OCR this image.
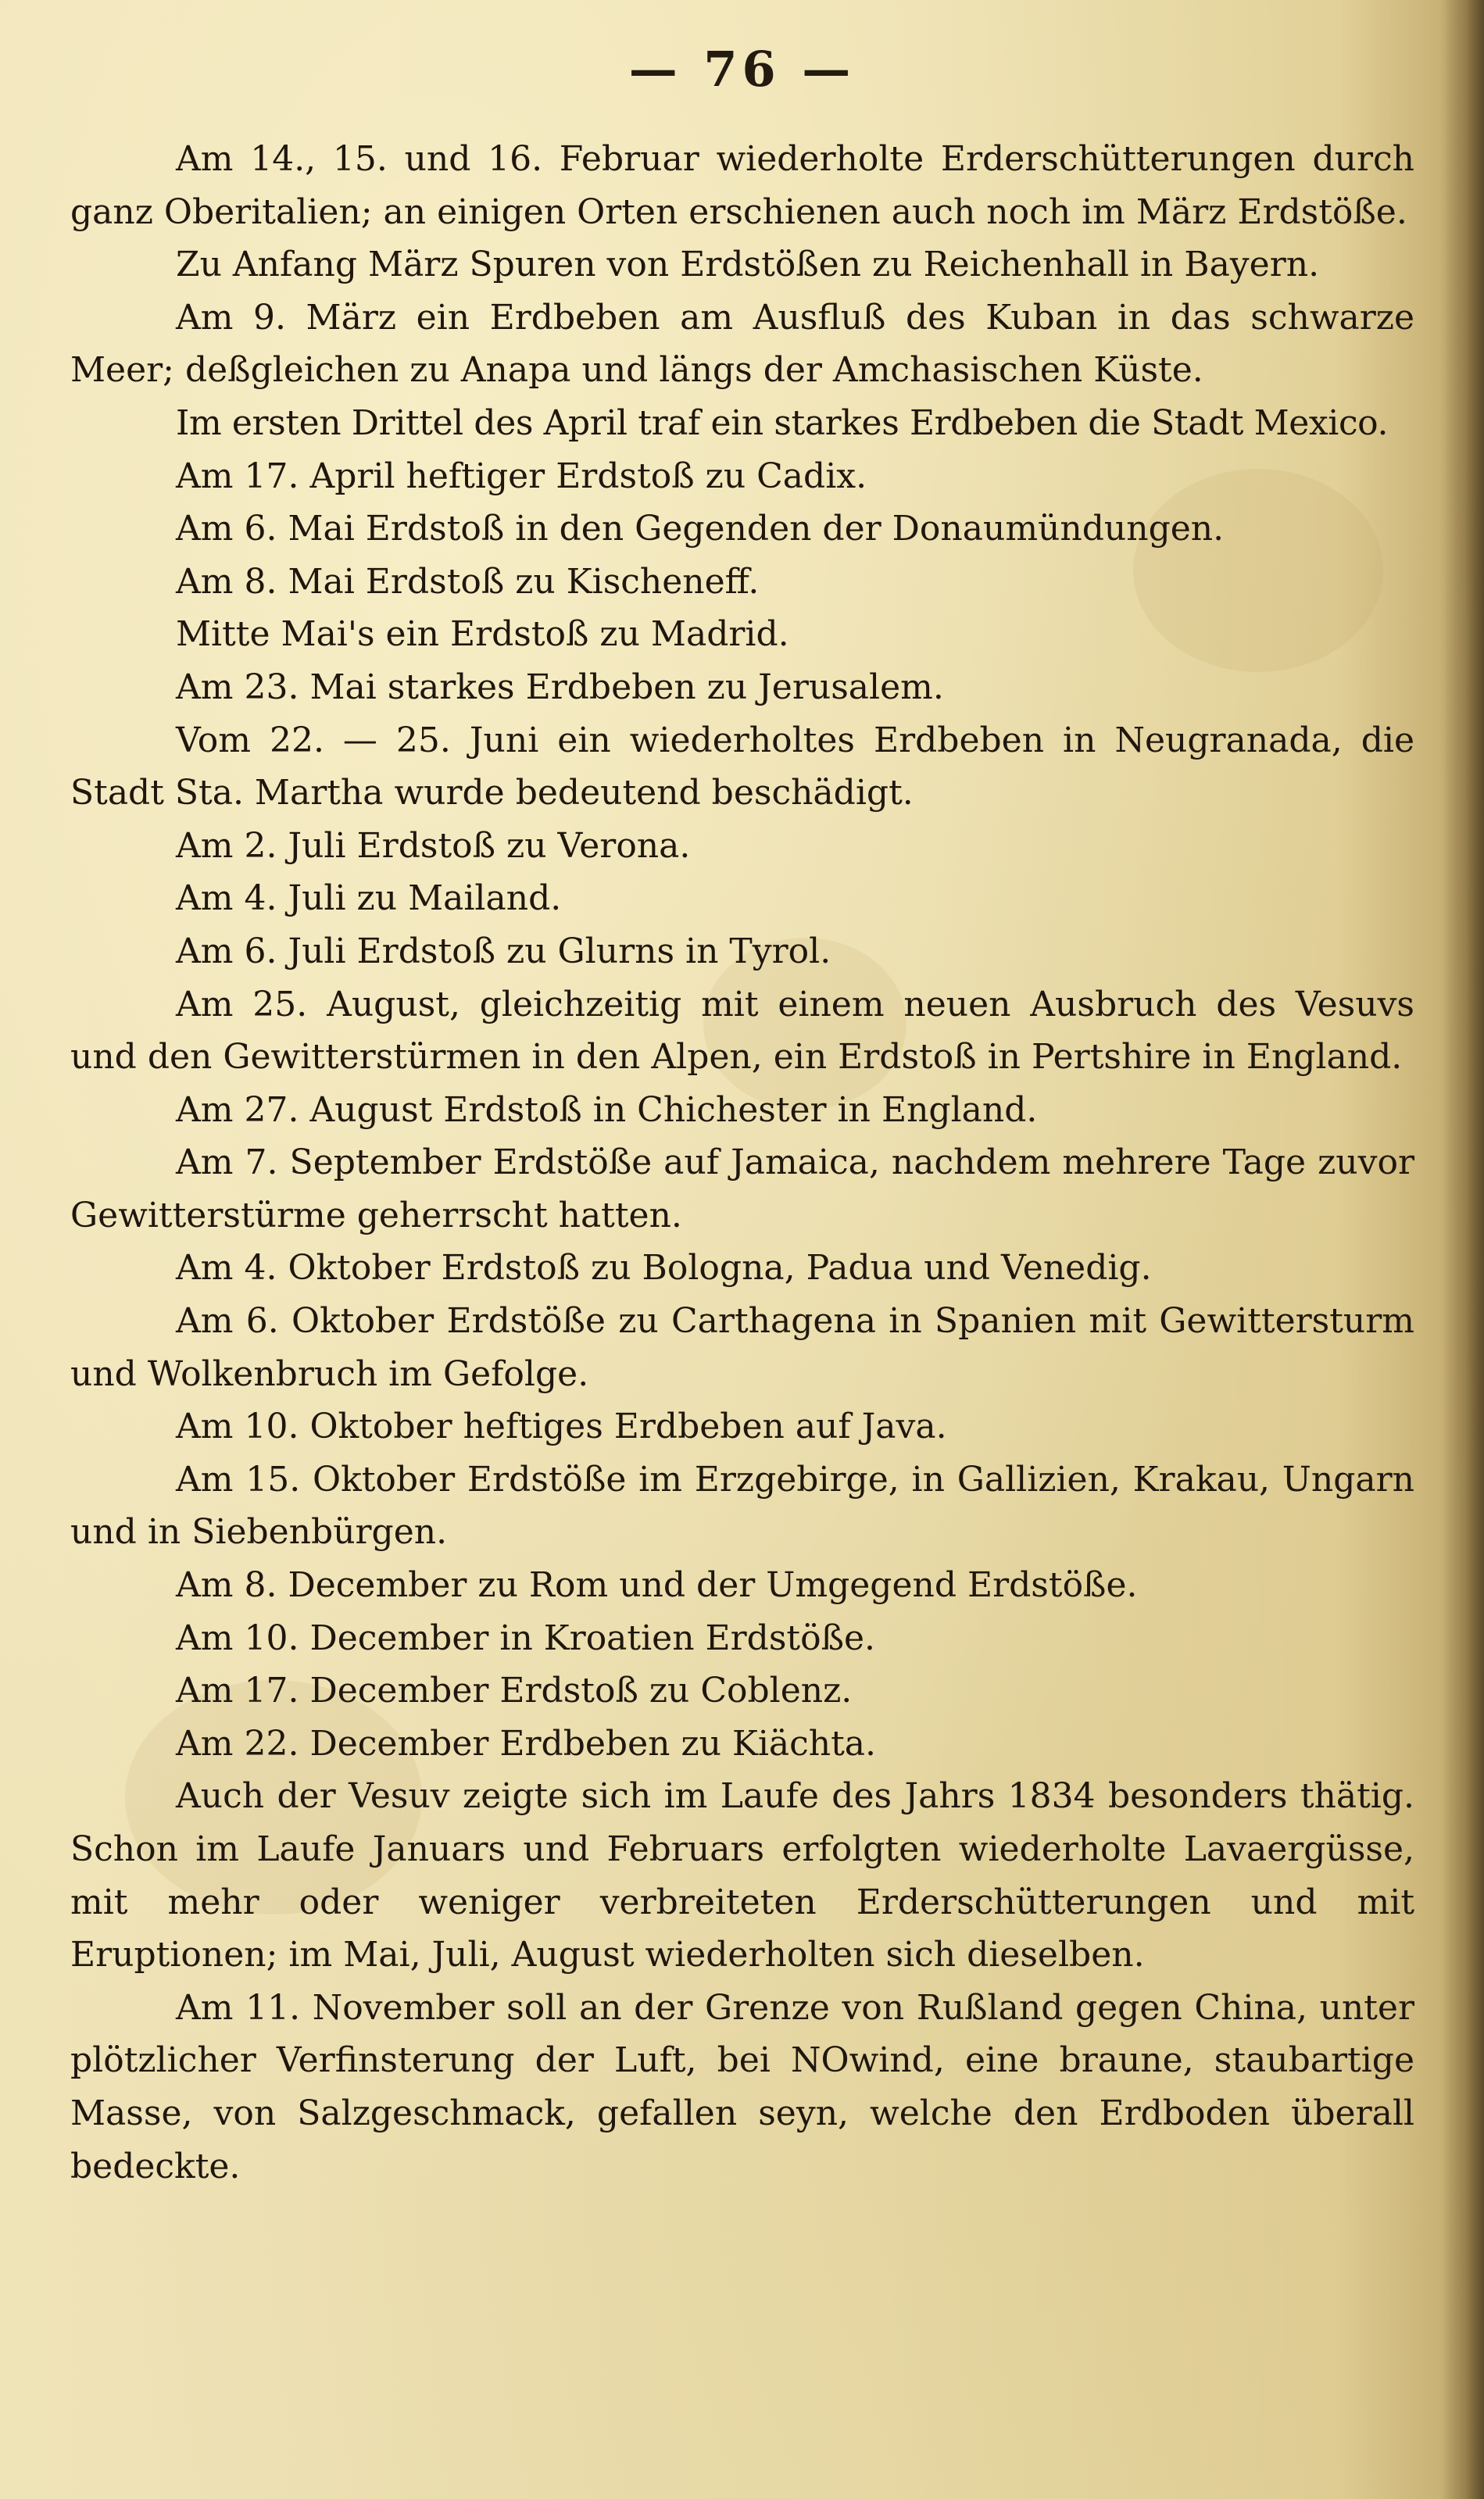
— 76 —

Am 14., 15. und 16. Februar wiederholte Erderschütterungen durch ganz Oberitalien; an einigen Orten erschienen auch noch im März Erdstöße.

Zu Anfang März Spuren von Erdstößen zu Reichenhall in Bayern.

Am 9. März ein Erdbeben am Ausfluß des Kuban in das schwarze Meer; deßgleichen zu Anapa und längs der Amchasischen Küste.

Im ersten Drittel des April traf ein starkes Erdbeben die Stadt Mexico.

Am 17. April heftiger Erdstoß zu Cadix.

Am 6. Mai Erdstoß in den Gegenden der Donaumündungen.

Am 8. Mai Erdstoß zu Kischeneff.

Mitte Mai's ein Erdstoß zu Madrid.

Am 23. Mai starkes Erdbeben zu Jerusalem.

Vom 22. — 25. Juni ein wiederholtes Erdbeben in Neugranada, die Stadt Sta. Martha wurde bedeutend beschädigt.

Am 2. Juli Erdstoß zu Verona.

Am 4. Juli zu Mailand.

Am 6. Juli Erdstoß zu Glurns in Tyrol.

Am 25. August, gleichzeitig mit einem neuen Ausbruch des Vesuvs und den Gewitterstürmen in den Alpen, ein Erdstoß in Pertshire in England.

Am 27. August Erdstoß in Chichester in England.

Am 7. September Erdstöße auf Jamaica, nachdem mehrere Tage zuvor Gewitterstürme geherrscht hatten.

Am 4. Oktober Erdstoß zu Bologna, Padua und Venedig.

Am 6. Oktober Erdstöße zu Carthagena in Spanien mit Gewittersturm und Wolkenbruch im Gefolge.

Am 10. Oktober heftiges Erdbeben auf Java.

Am 15. Oktober Erdstöße im Erzgebirge, in Gallizien, Krakau, Ungarn und in Siebenbürgen.

Am 8. December zu Rom und der Umgegend Erdstöße.

Am 10. December in Kroatien Erdstöße.

Am 17. December Erdstoß zu Coblenz.

Am 22. December Erdbeben zu Kiächta.

Auch der Vesuv zeigte sich im Laufe des Jahrs 1834 besonders thätig. Schon im Laufe Januars und Februars erfolgten wiederholte Lavaergüsse, mit mehr oder weniger verbreiteten Erderschütterungen und mit Eruptionen; im Mai, Juli, August wiederholten sich dieselben.

Am 11. November soll an der Grenze von Rußland gegen China, unter plötzlicher Verfinsterung der Luft, bei NOwind, eine braune, staubartige Masse, von Salzgeschmack, gefallen seyn, welche den Erdboden überall bedeckte.
